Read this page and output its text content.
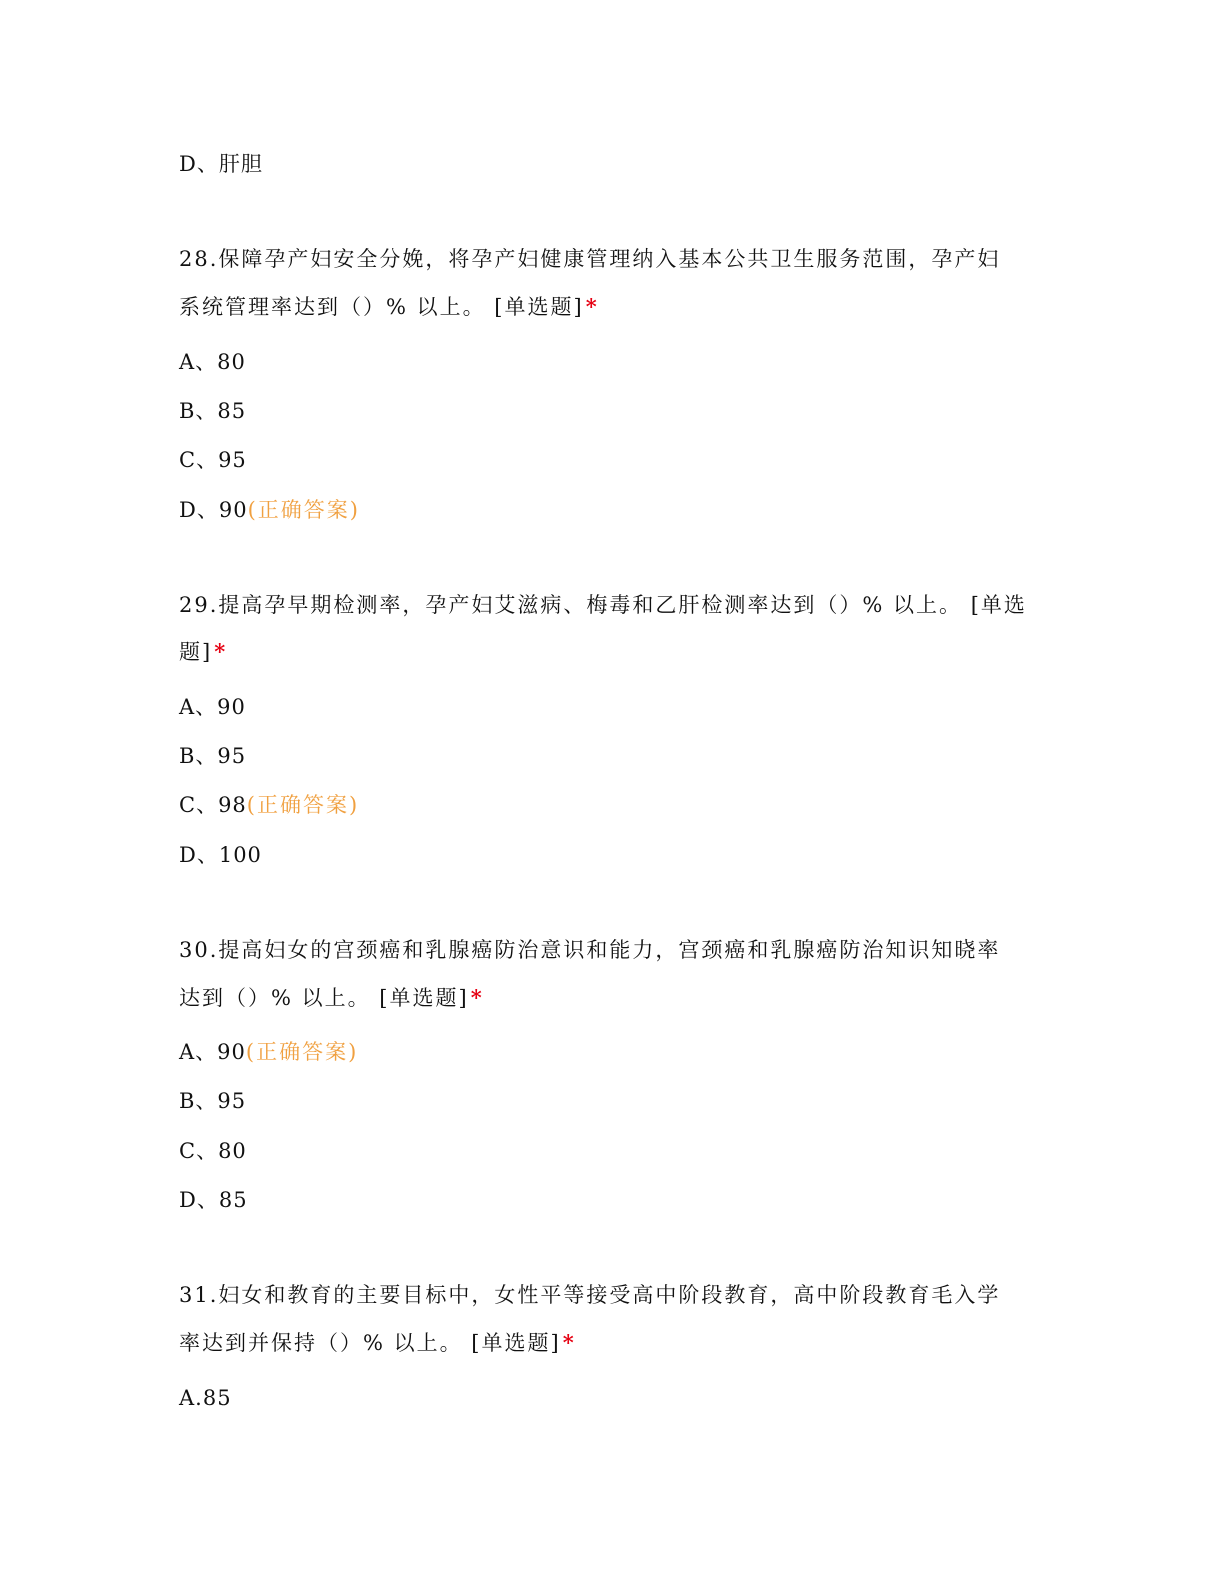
D、肝胆
28.保障孕产妇安全分娩，将孕产妇健康管理纳入基本公共卫生服务范围，孕产妇
系统管理率达到（）% 以上。 [单选题]*
A、80
B、85
C、95
D、90(正确答案)
29.提高孕早期检测率，孕产妇艾滋病、梅毒和乙肝检测率达到（）% 以上。 [单选
题]*
A、90
B、95
C、98(正确答案)
D、100
30.提高妇女的宫颈癌和乳腺癌防治意识和能力，宫颈癌和乳腺癌防治知识知晓率
达到（）% 以上。 [单选题]*
A、90(正确答案)
B、95
C、80
D、85
31.妇女和教育的主要目标中，女性平等接受高中阶段教育，高中阶段教育毛入学
率达到并保持（）% 以上。 [单选题]*
A.85
